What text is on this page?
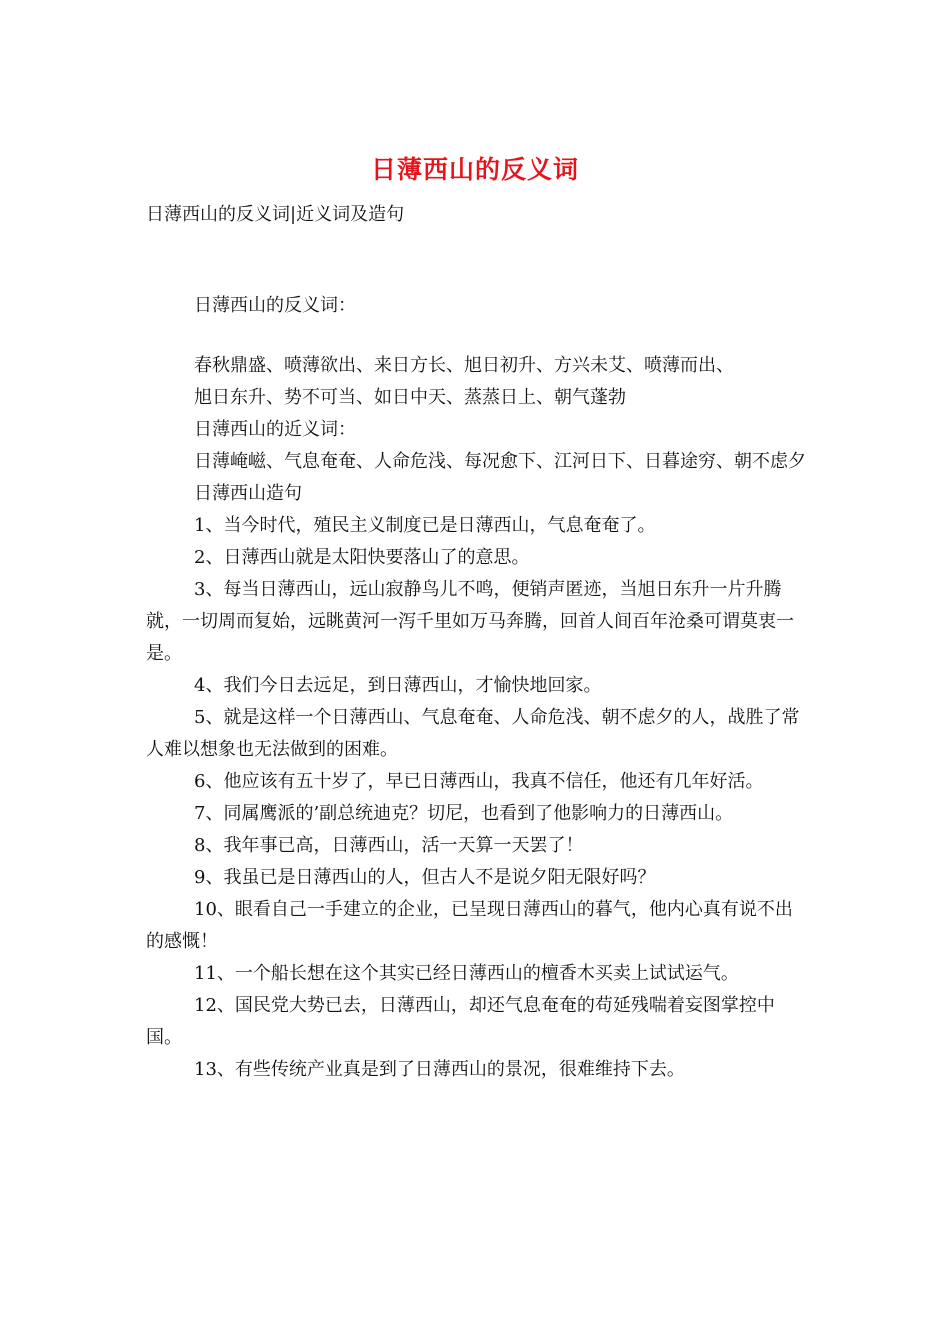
日薄西山的反义词
日薄西山的反义词|近义词及造句

日薄西山的反义词：

春秋鼎盛、喷薄欲出、来日方长、旭日初升、方兴未艾、喷薄而出、

旭日东升、势不可当、如日中天、蒸蒸日上、朝气蓬勃

日薄西山的近义词：

日薄崦嵫、气息奄奄、人命危浅、每况愈下、江河日下、日暮途穷、朝不虑夕

日薄西山造句

1、当今时代，殖民主义制度已是日薄西山，气息奄奄了。

2、日薄西山就是太阳快要落山了的意思。

3、每当日薄西山，远山寂静鸟儿不鸣，便销声匿迹，当旭日东升一片升腾就，一切周而复始，远眺黄河一泻千里如万马奔腾，回首人间百年沧桑可谓莫衷一是。

4、我们今日去远足，到日薄西山，才愉快地回家。

5、就是这样一个日薄西山、气息奄奄、人命危浅、朝不虑夕的人，战胜了常人难以想象也无法做到的困难。

6、他应该有五十岁了，早已日薄西山，我真不信任，他还有几年好活。

7、同属鹰派的’副总统迪克？切尼，也看到了他影响力的日薄西山。

8、我年事已高，日薄西山，活一天算一天罢了！

9、我虽已是日薄西山的人，但古人不是说夕阳无限好吗？

10、眼看自己一手建立的企业，已呈现日薄西山的暮气，他内心真有说不出的感慨！

11、一个船长想在这个其实已经日薄西山的檀香木买卖上试试运气。

12、国民党大势已去，日薄西山，却还气息奄奄的苟延残喘着妄图掌控中国。

13、有些传统产业真是到了日薄西山的景况，很难维持下去。
